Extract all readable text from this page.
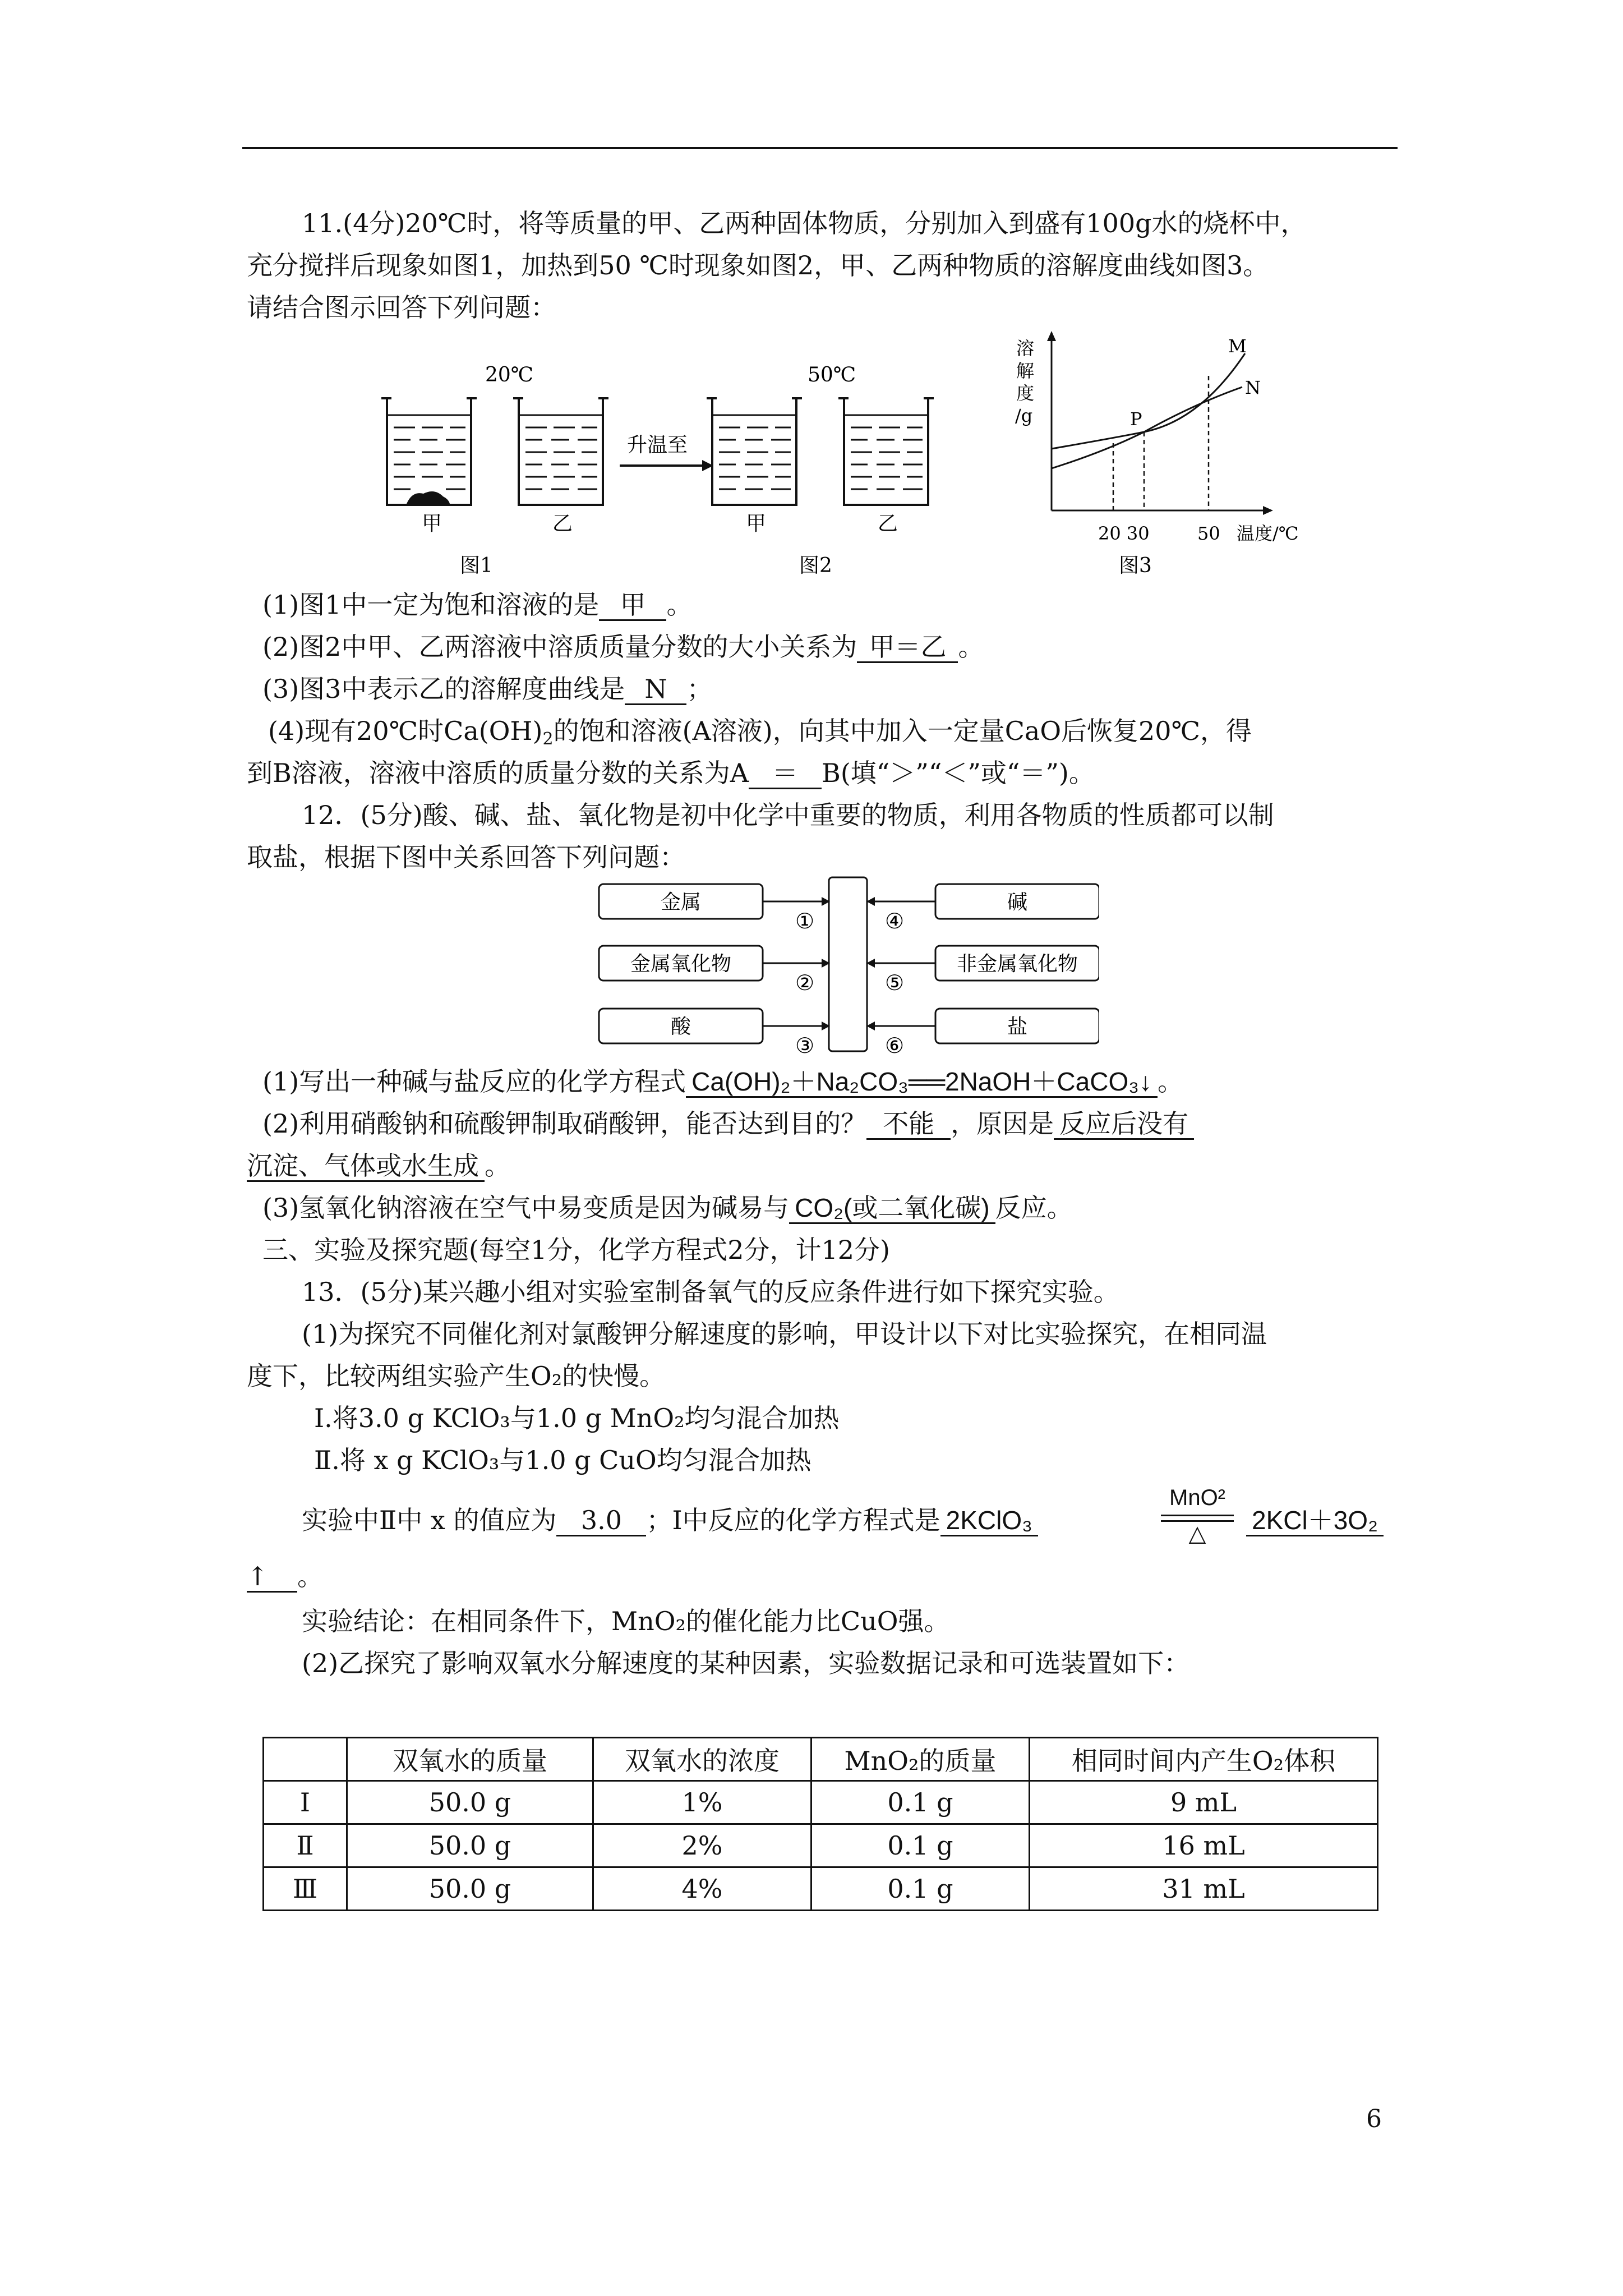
11.(4分)20℃时，将等质量的甲、乙两种固体物质，分别加入到盛有100g水的烧杯中，
充分搅拌后现象如图1，加热到50 ℃时现象如图2，甲、乙两种物质的溶解度曲线如图3。
请结合图示回答下列问题：
20℃
甲	乙
图1
升温至
50℃
甲	乙
图2
溶
解
度
/g
M
N
P
20 30	50 温度/℃
图3
(1)图1中一定为饱和溶液的是 甲 。
(2)图2中甲、乙两溶液中溶质质量分数的大小关系为 甲＝乙 。
(3)图3中表示乙的溶解度曲线是 N ；
(4)现有20℃时$Ca(OH)_2$的饱和溶液(A溶液)，向其中加入一定量CaO后恢复20℃，得
到B溶液，溶液中溶质的质量分数的关系为A ＝ B(填“＞”“＜”或“＝”)。
12．(5分)酸、碱、盐、氧化物是初中化学中重要的物质，利用各物质的性质都可以制
取盐，根据下图中关系回答下列问题：
金属
金属氧化物
酸
碱
非金属氧化物
盐
①
②
③
④
⑤
⑥
(1)写出一种碱与盐反应的化学方程式 Ca(OH)₂＋Na₂CO₃══2NaOH＋CaCO₃↓ 。
(2)利用硝酸钠和硫酸钾制取硝酸钾，能否达到目的？ 不能 ，原因是 反应后没有
沉淀、气体或水生成 。
(3)氢氧化钠溶液在空气中易变质是因为碱易与 CO₂(或二氧化碳) 反应。
三、实验及探究题(每空1分，化学方程式2分，计12分)
13．(5分)某兴趣小组对实验室制备氧气的反应条件进行如下探究实验。
(1)为探究不同催化剂对氯酸钾分解速度的影响，甲设计以下对比实验探究，在相同温
度下，比较两组实验产生O₂的快慢。
Ⅰ.将3.0 g KClO₃与1.0 g MnO₂均匀混合加热
Ⅱ.将 x g KClO₃与1.0 g CuO均匀混合加热
实验中Ⅱ中 x 的值应为 3.0 ；Ⅰ中反应的化学方程式是 2KClO₃
MnO²
△	2KCl＋3O₂
↑ 。
实验结论：在相同条件下，MnO₂的催化能力比CuO强。
(2)乙探究了影响双氧水分解速度的某种因素，实验数据记录和可选装置如下：
	双氧水的质量	双氧水的浓度	MnO₂的质量	相同时间内产生O₂体积
Ⅰ	50.0 g	1%	0.1 g	9 mL
Ⅱ	50.0 g	2%	0.1 g	16 mL
Ⅲ	50.0 g	4%	0.1 g	31 mL
6
